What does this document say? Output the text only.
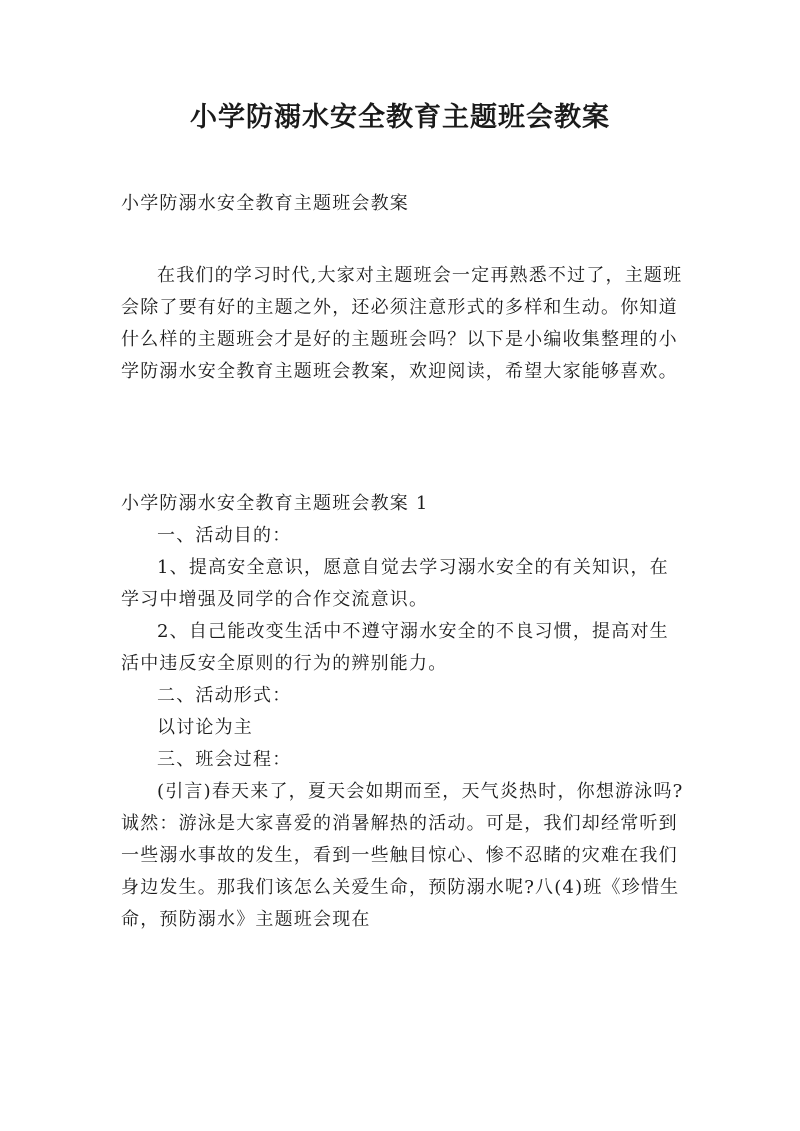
小学防溺水安全教育主题班会教案
小学防溺水安全教育主题班会教案

在我们的学习时代,大家对主题班会一定再熟悉不过了，主题班会除了要有好的主题之外，还必须注意形式的多样和生动。你知道什么样的主题班会才是好的主题班会吗？以下是小编收集整理的小学防溺水安全教育主题班会教案，欢迎阅读，希望大家能够喜欢。

小学防溺水安全教育主题班会教案 1

一、活动目的：

1、提高安全意识，愿意自觉去学习溺水安全的有关知识，在学习中增强及同学的合作交流意识。

2、自己能改变生活中不遵守溺水安全的不良习惯，提高对生活中违反安全原则的行为的辨别能力。

二、活动形式：

以讨论为主

三、班会过程：

(引言)春天来了，夏天会如期而至，天气炎热时，你想游泳吗?诚然：游泳是大家喜爱的消暑解热的活动。可是，我们却经常听到一些溺水事故的发生，看到一些触目惊心、惨不忍睹的灾难在我们身边发生。那我们该怎么关爱生命，预防溺水呢?八(4)班《珍惜生命，预防溺水》主题班会现在
